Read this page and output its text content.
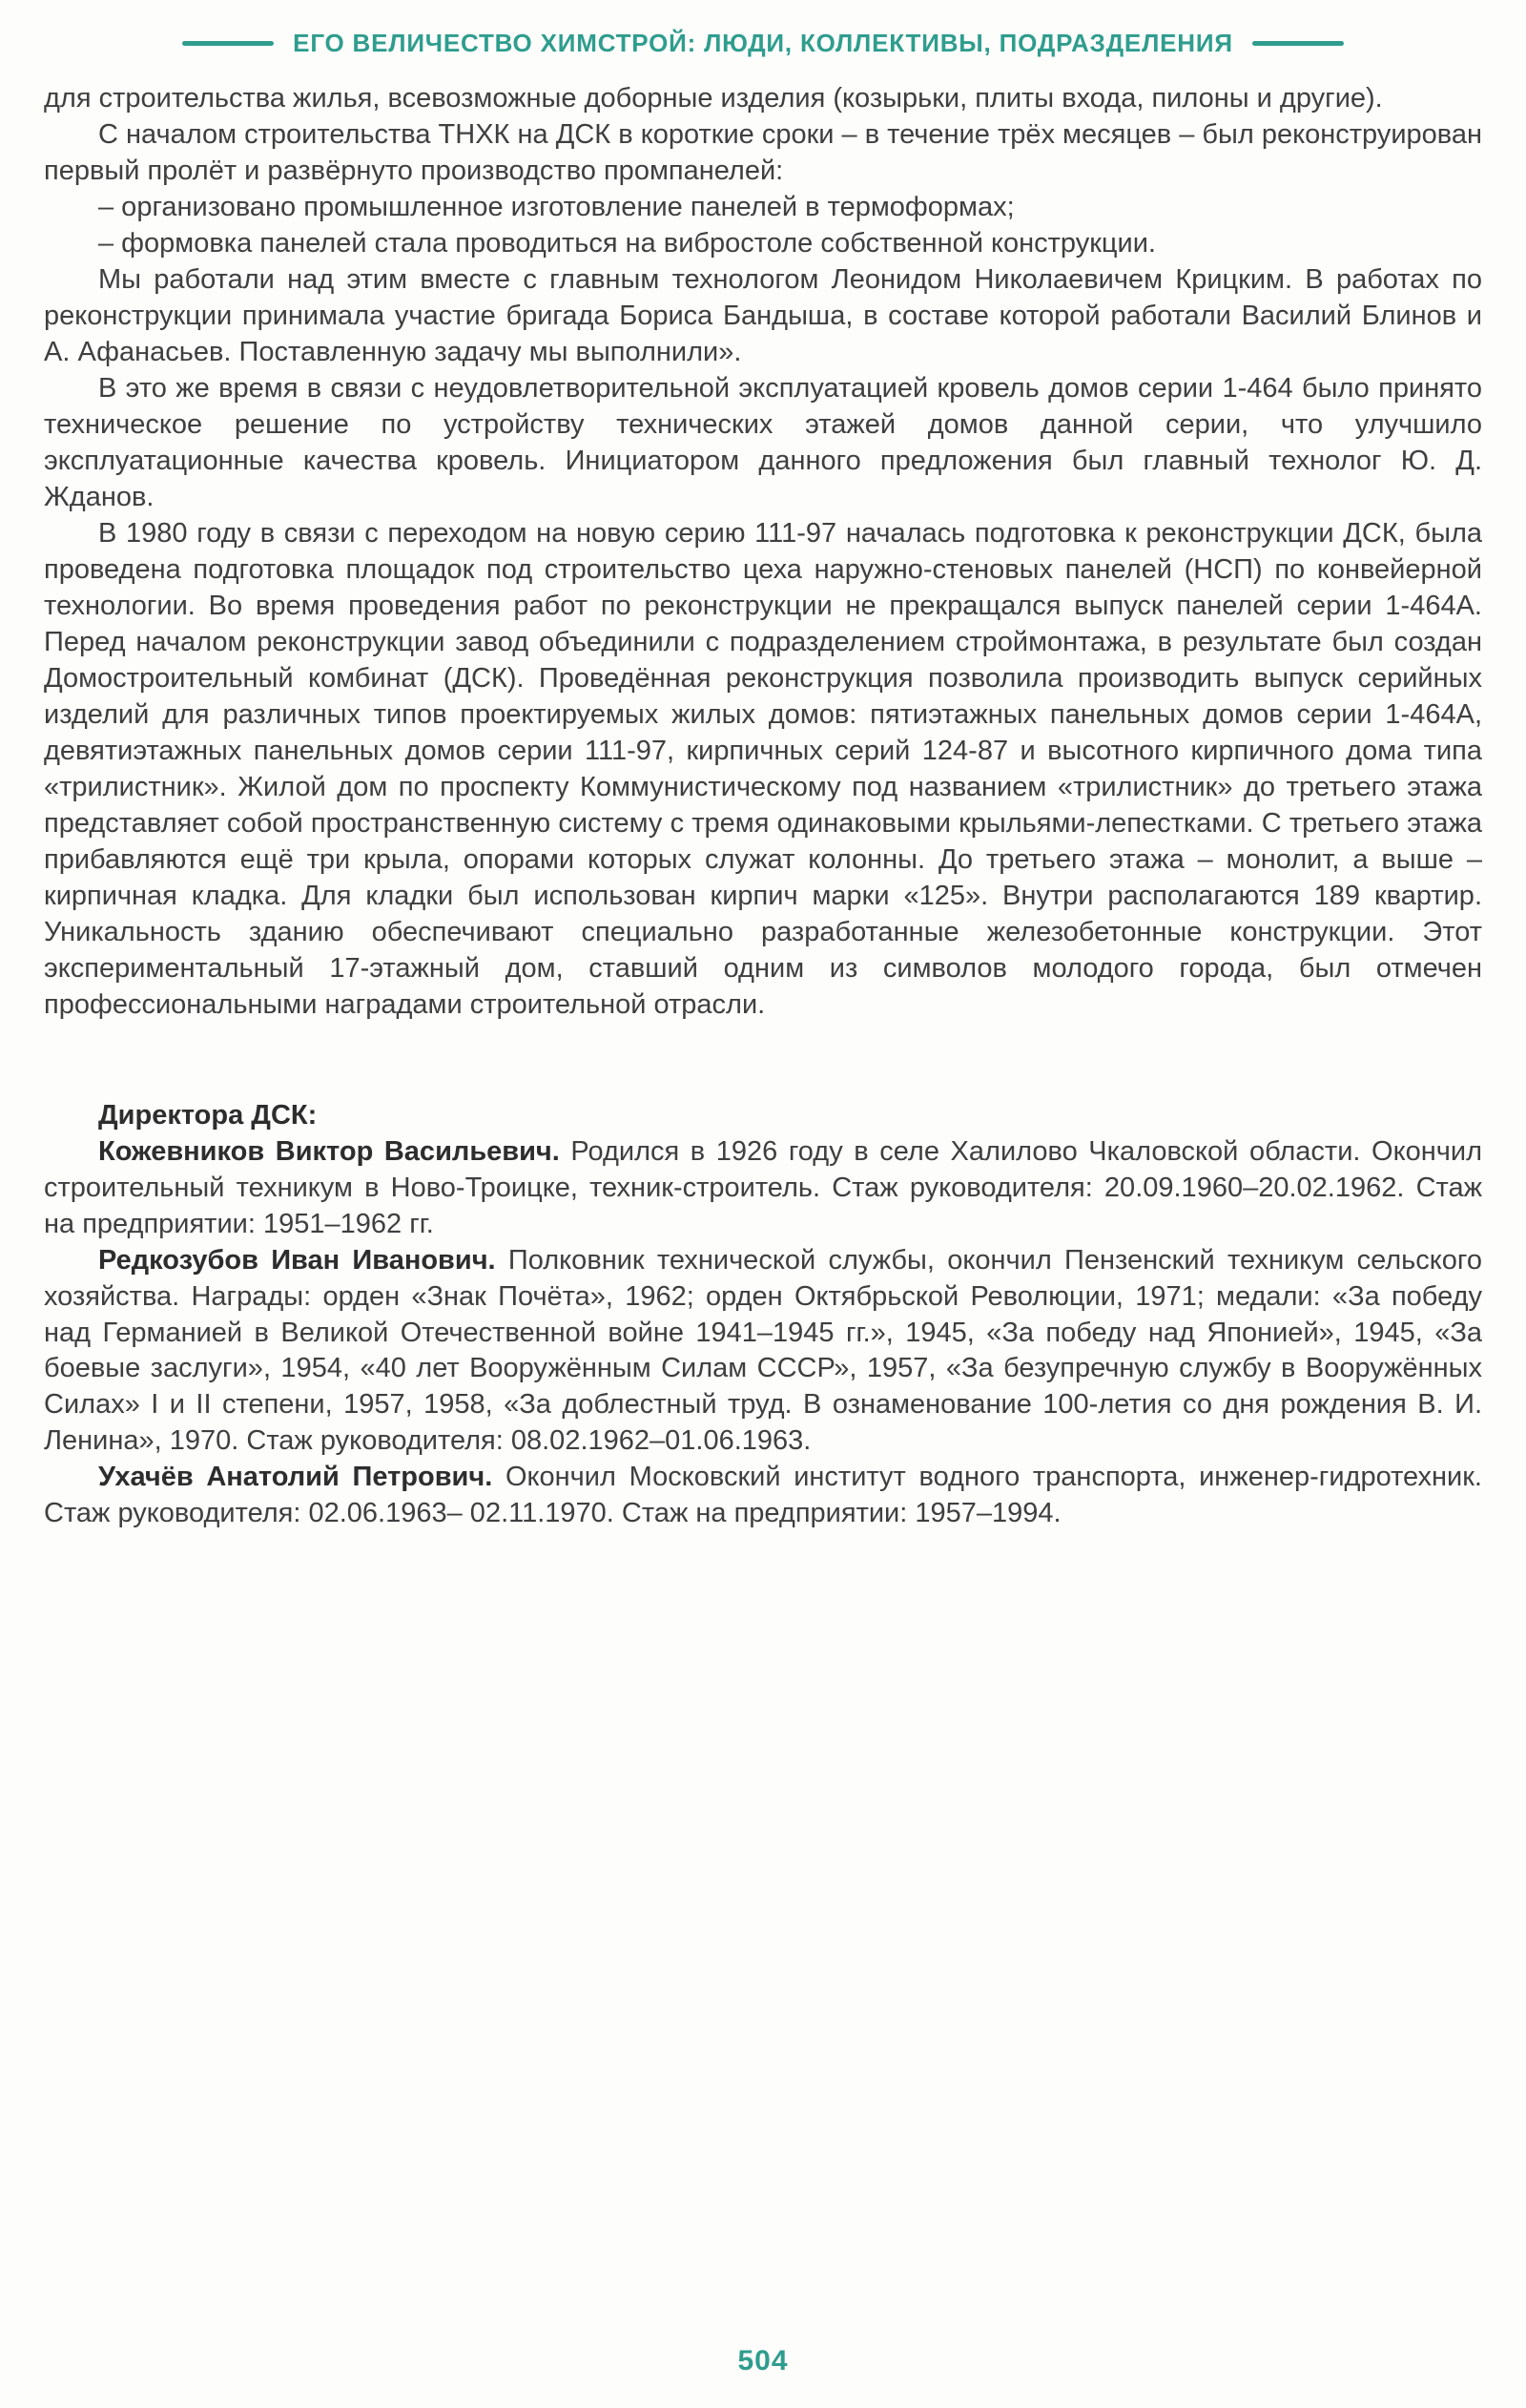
ЕГО ВЕЛИЧЕСТВО ХИМСТРОЙ: ЛЮДИ, КОЛЛЕКТИВЫ, ПОДРАЗДЕЛЕНИЯ

для строительства жилья, всевозможные доборные изделия (козырьки, плиты входа, пилоны и другие).

С началом строительства ТНХК на ДСК в короткие сроки – в течение трёх месяцев – был реконструирован первый пролёт и развёрнуто производство промпанелей:

– организовано промышленное изготовление панелей в термоформах;

– формовка панелей стала проводиться на вибростоле собственной конструкции.

Мы работали над этим вместе с главным технологом Леонидом Николаевичем Крицким. В работах по реконструкции принимала участие бригада Бориса Бандыша, в составе которой работали Василий Блинов и А. Афанасьев. Поставленную задачу мы выполнили».

В это же время в связи с неудовлетворительной эксплуатацией кровель домов серии 1-464 было принято техническое решение по устройству технических этажей домов данной серии, что улучшило эксплуатационные качества кровель. Инициатором данного предложения был главный технолог Ю. Д. Жданов.

В 1980 году в связи с переходом на новую серию 111-97 началась подготовка к реконструкции ДСК, была проведена подготовка площадок под строительство цеха наружно-стеновых панелей (НСП) по конвейерной технологии. Во время проведения работ по реконструкции не прекращался выпуск панелей серии 1-464А. Перед началом реконструкции завод объединили с подразделением строймонтажа, в результате был создан Домостроительный комбинат (ДСК). Проведённая реконструкция позволила производить выпуск серийных изделий для различных типов проектируемых жилых домов: пятиэтажных панельных домов серии 1-464А, девятиэтажных панельных домов серии 111-97, кирпичных серий 124-87 и высотного кирпичного дома типа «трилистник». Жилой дом по проспекту Коммунистическому под названием «трилистник» до третьего этажа представляет собой пространственную систему с тремя одинаковыми крыльями-лепестками. С третьего этажа прибавляются ещё три крыла, опорами которых служат колонны. До третьего этажа – монолит, а выше – кирпичная кладка. Для кладки был использован кирпич марки «125». Внутри располагаются 189 квартир. Уникальность зданию обеспечивают специально разработанные железобетонные конструкции. Этот экспериментальный 17-этажный дом, ставший одним из символов молодого города, был отмечен профессиональными наградами строительной отрасли.

Директора ДСК:

Кожевников Виктор Васильевич. Родился в 1926 году в селе Халилово Чкаловской области. Окончил строительный техникум в Ново-Троицке, техник-строитель. Стаж руководителя: 20.09.1960–20.02.1962. Стаж на предприятии: 1951–1962 гг.

Редкозубов Иван Иванович. Полковник технической службы, окончил Пензенский техникум сельского хозяйства. Награды: орден «Знак Почёта», 1962; орден Октябрьской Революции, 1971; медали: «За победу над Германией в Великой Отечественной войне 1941–1945 гг.», 1945, «За победу над Японией», 1945, «За боевые заслуги», 1954, «40 лет Вооружённым Силам СССР», 1957, «За безупречную службу в Вооружённых Силах» I и II степени, 1957, 1958, «За доблестный труд. В ознаменование 100-летия со дня рождения В. И. Ленина», 1970. Стаж руководителя: 08.02.1962–01.06.1963.

Ухачёв Анатолий Петрович. Окончил Московский институт водного транспорта, инженер-гидротехник. Стаж руководителя: 02.06.1963– 02.11.1970. Стаж на предприятии: 1957–1994.

504
